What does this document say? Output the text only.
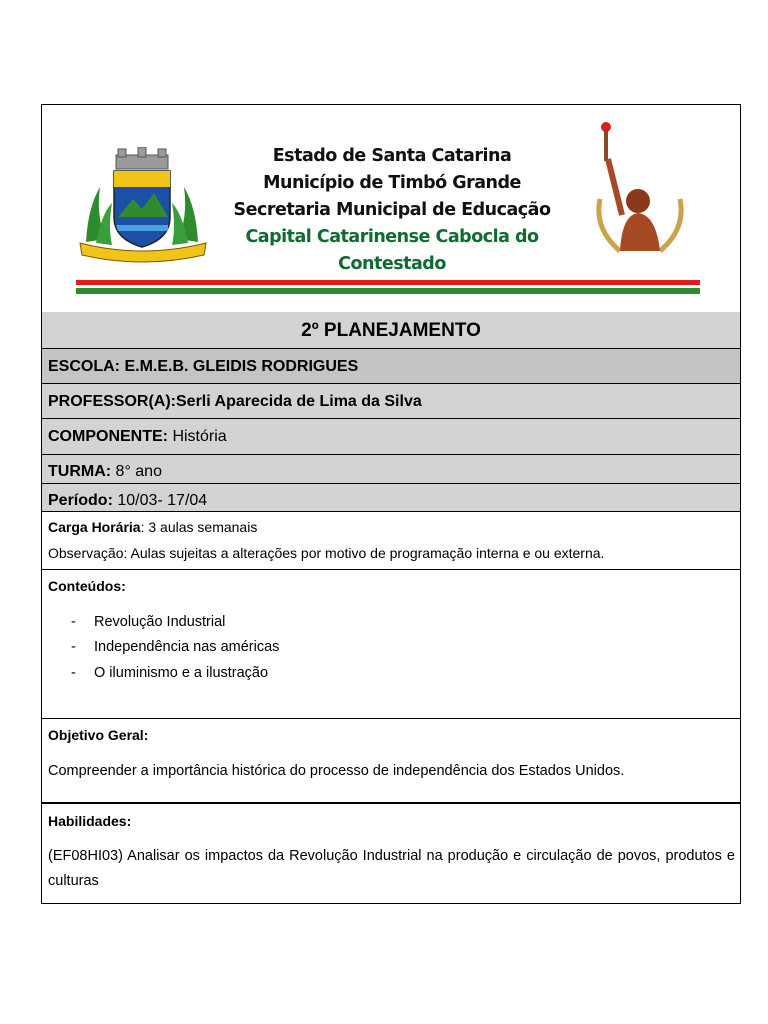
Estado de Santa Catarina
Município de Timbó Grande
Secretaria Municipal de Educação
Capital Catarinense Cabocla do Contestado
2º PLANEJAMENTO
ESCOLA: E.M.E.B. GLEIDIS RODRIGUES
PROFESSOR(A):Serli Aparecida de Lima da Silva
COMPONENTE: História
TURMA: 8° ano
Período: 10/03- 17/04
Carga Horária: 3 aulas semanais
Observação: Aulas sujeitas a alterações por motivo de programação interna e ou externa.
Conteúdos:
- Revolução Industrial
- Independência nas américas
- O iluminismo e a ilustração
Objetivo Geral:
Compreender a importância histórica do processo de independência dos Estados Unidos.
Habilidades:
(EF08HI03) Analisar os impactos da Revolução Industrial na produção e circulação de povos, produtos e culturas
